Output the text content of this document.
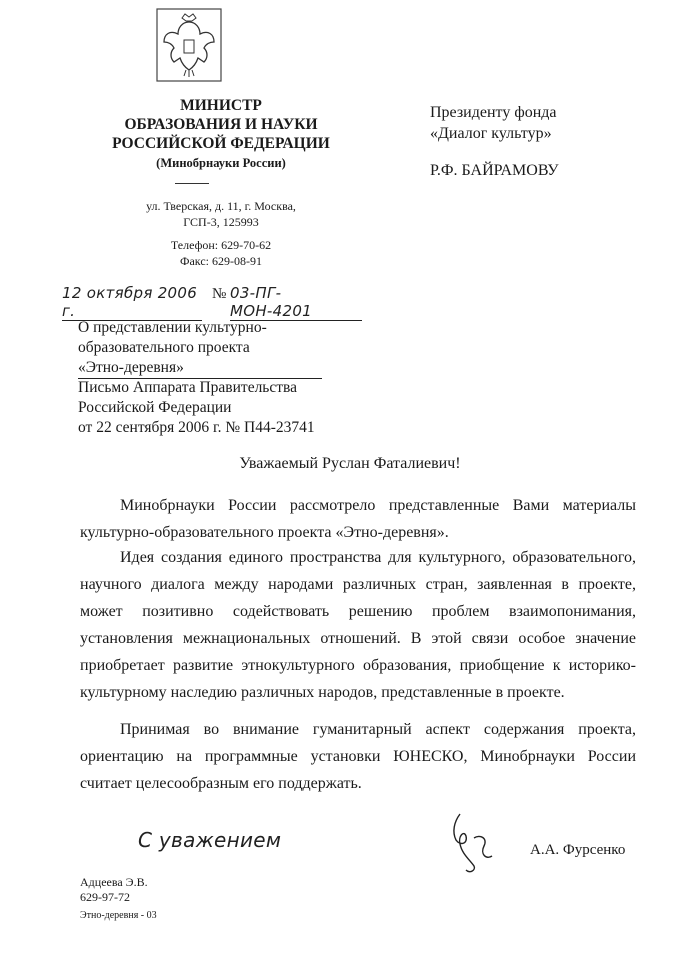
МИНИСТР
ОБРАЗОВАНИЯ И НАУКИ
РОССИЙСКОЙ ФЕДЕРАЦИИ
(Минобрнауки России)
ул. Тверская, д. 11, г. Москва,
ГСП-3, 125993
Телефон: 629-70-62
Факс: 629-08-91
Президенту фонда
«Диалог культур»
Р.Ф. БАЙРАМОВУ
12 октября 2006 г.
№ 03-ПГ-МОН-4201
О представлении культурно-
образовательного проекта
«Этно-деревня»
Письмо Аппарата Правительства
Российской Федерации
от 22 сентября 2006 г. № П44-23741
Уважаемый Руслан Фаталиевич!
Минобрнауки России рассмотрело представленные Вами материалы культурно-образовательного проекта «Этно-деревня».
Идея создания единого пространства для культурного, образовательного, научного диалога между народами различных стран, заявленная в проекте, может позитивно содействовать решению проблем взаимопонимания, установления межнациональных отношений. В этой связи особое значение приобретает развитие этнокультурного образования, приобщение к историко-культурному наследию различных народов, представленные в проекте.
Принимая во внимание гуманитарный аспект содержания проекта, ориентацию на программные установки ЮНЕСКО, Минобрнауки России считает целесообразным его поддержать.
С уважением	А.А. Фурсенко
Адцеева Э.В.
629-97-72
Этно-деревня - 03
